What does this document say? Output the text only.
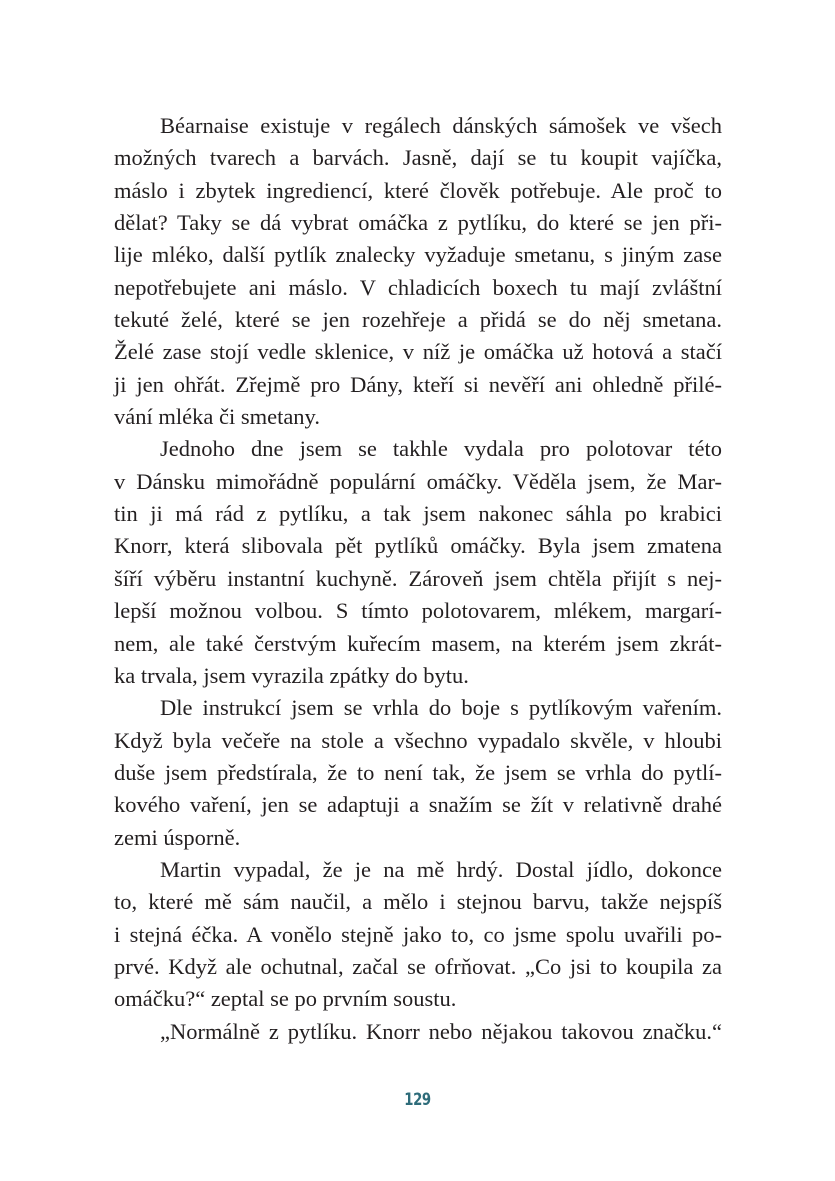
Béarnaise existuje v regálech dánských sámošek ve všech
možných tvarech a barvách. Jasně, dají se tu koupit vajíčka,
máslo i zbytek ingrediencí, které člověk potřebuje. Ale proč to
dělat? Taky se dá vybrat omáčka z pytlíku, do které se jen při-
lije mléko, další pytlík znalecky vyžaduje smetanu, s jiným zase
nepotřebujete ani máslo. V chladicích boxech tu mají zvláštní
tekuté želé, které se jen rozehřeje a přidá se do něj smetana.
Želé zase stojí vedle sklenice, v níž je omáčka už hotová a stačí
ji jen ohřát. Zřejmě pro Dány, kteří si nevěří ani ohledně přilé-
vání mléka či smetany.
Jednoho dne jsem se takhle vydala pro polotovar této
v Dánsku mimořádně populární omáčky. Věděla jsem, že Mar-
tin ji má rád z pytlíku, a tak jsem nakonec sáhla po krabici
Knorr, která slibovala pět pytlíků omáčky. Byla jsem zmatena
šíří výběru instantní kuchyně. Zároveň jsem chtěla přijít s nej-
lepší možnou volbou. S tímto polotovarem, mlékem, margarí-
nem, ale také čerstvým kuřecím masem, na kterém jsem zkrát-
ka trvala, jsem vyrazila zpátky do bytu.
Dle instrukcí jsem se vrhla do boje s pytlíkovým vařením.
Když byla večeře na stole a všechno vypadalo skvěle, v hloubi
duše jsem předstírala, že to není tak, že jsem se vrhla do pytlí-
kového vaření, jen se adaptuji a snažím se žít v relativně drahé
zemi úsporně.
Martin vypadal, že je na mě hrdý. Dostal jídlo, dokonce
to, které mě sám naučil, a mělo i stejnou barvu, takže nejspíš
i stejná éčka. A vonělo stejně jako to, co jsme spolu uvařili po-
prvé. Když ale ochutnal, začal se ofrňovat. „Co jsi to koupila za
omáčku?“ zeptal se po prvním soustu.
„Normálně z pytlíku. Knorr nebo nějakou takovou značku.“
129
